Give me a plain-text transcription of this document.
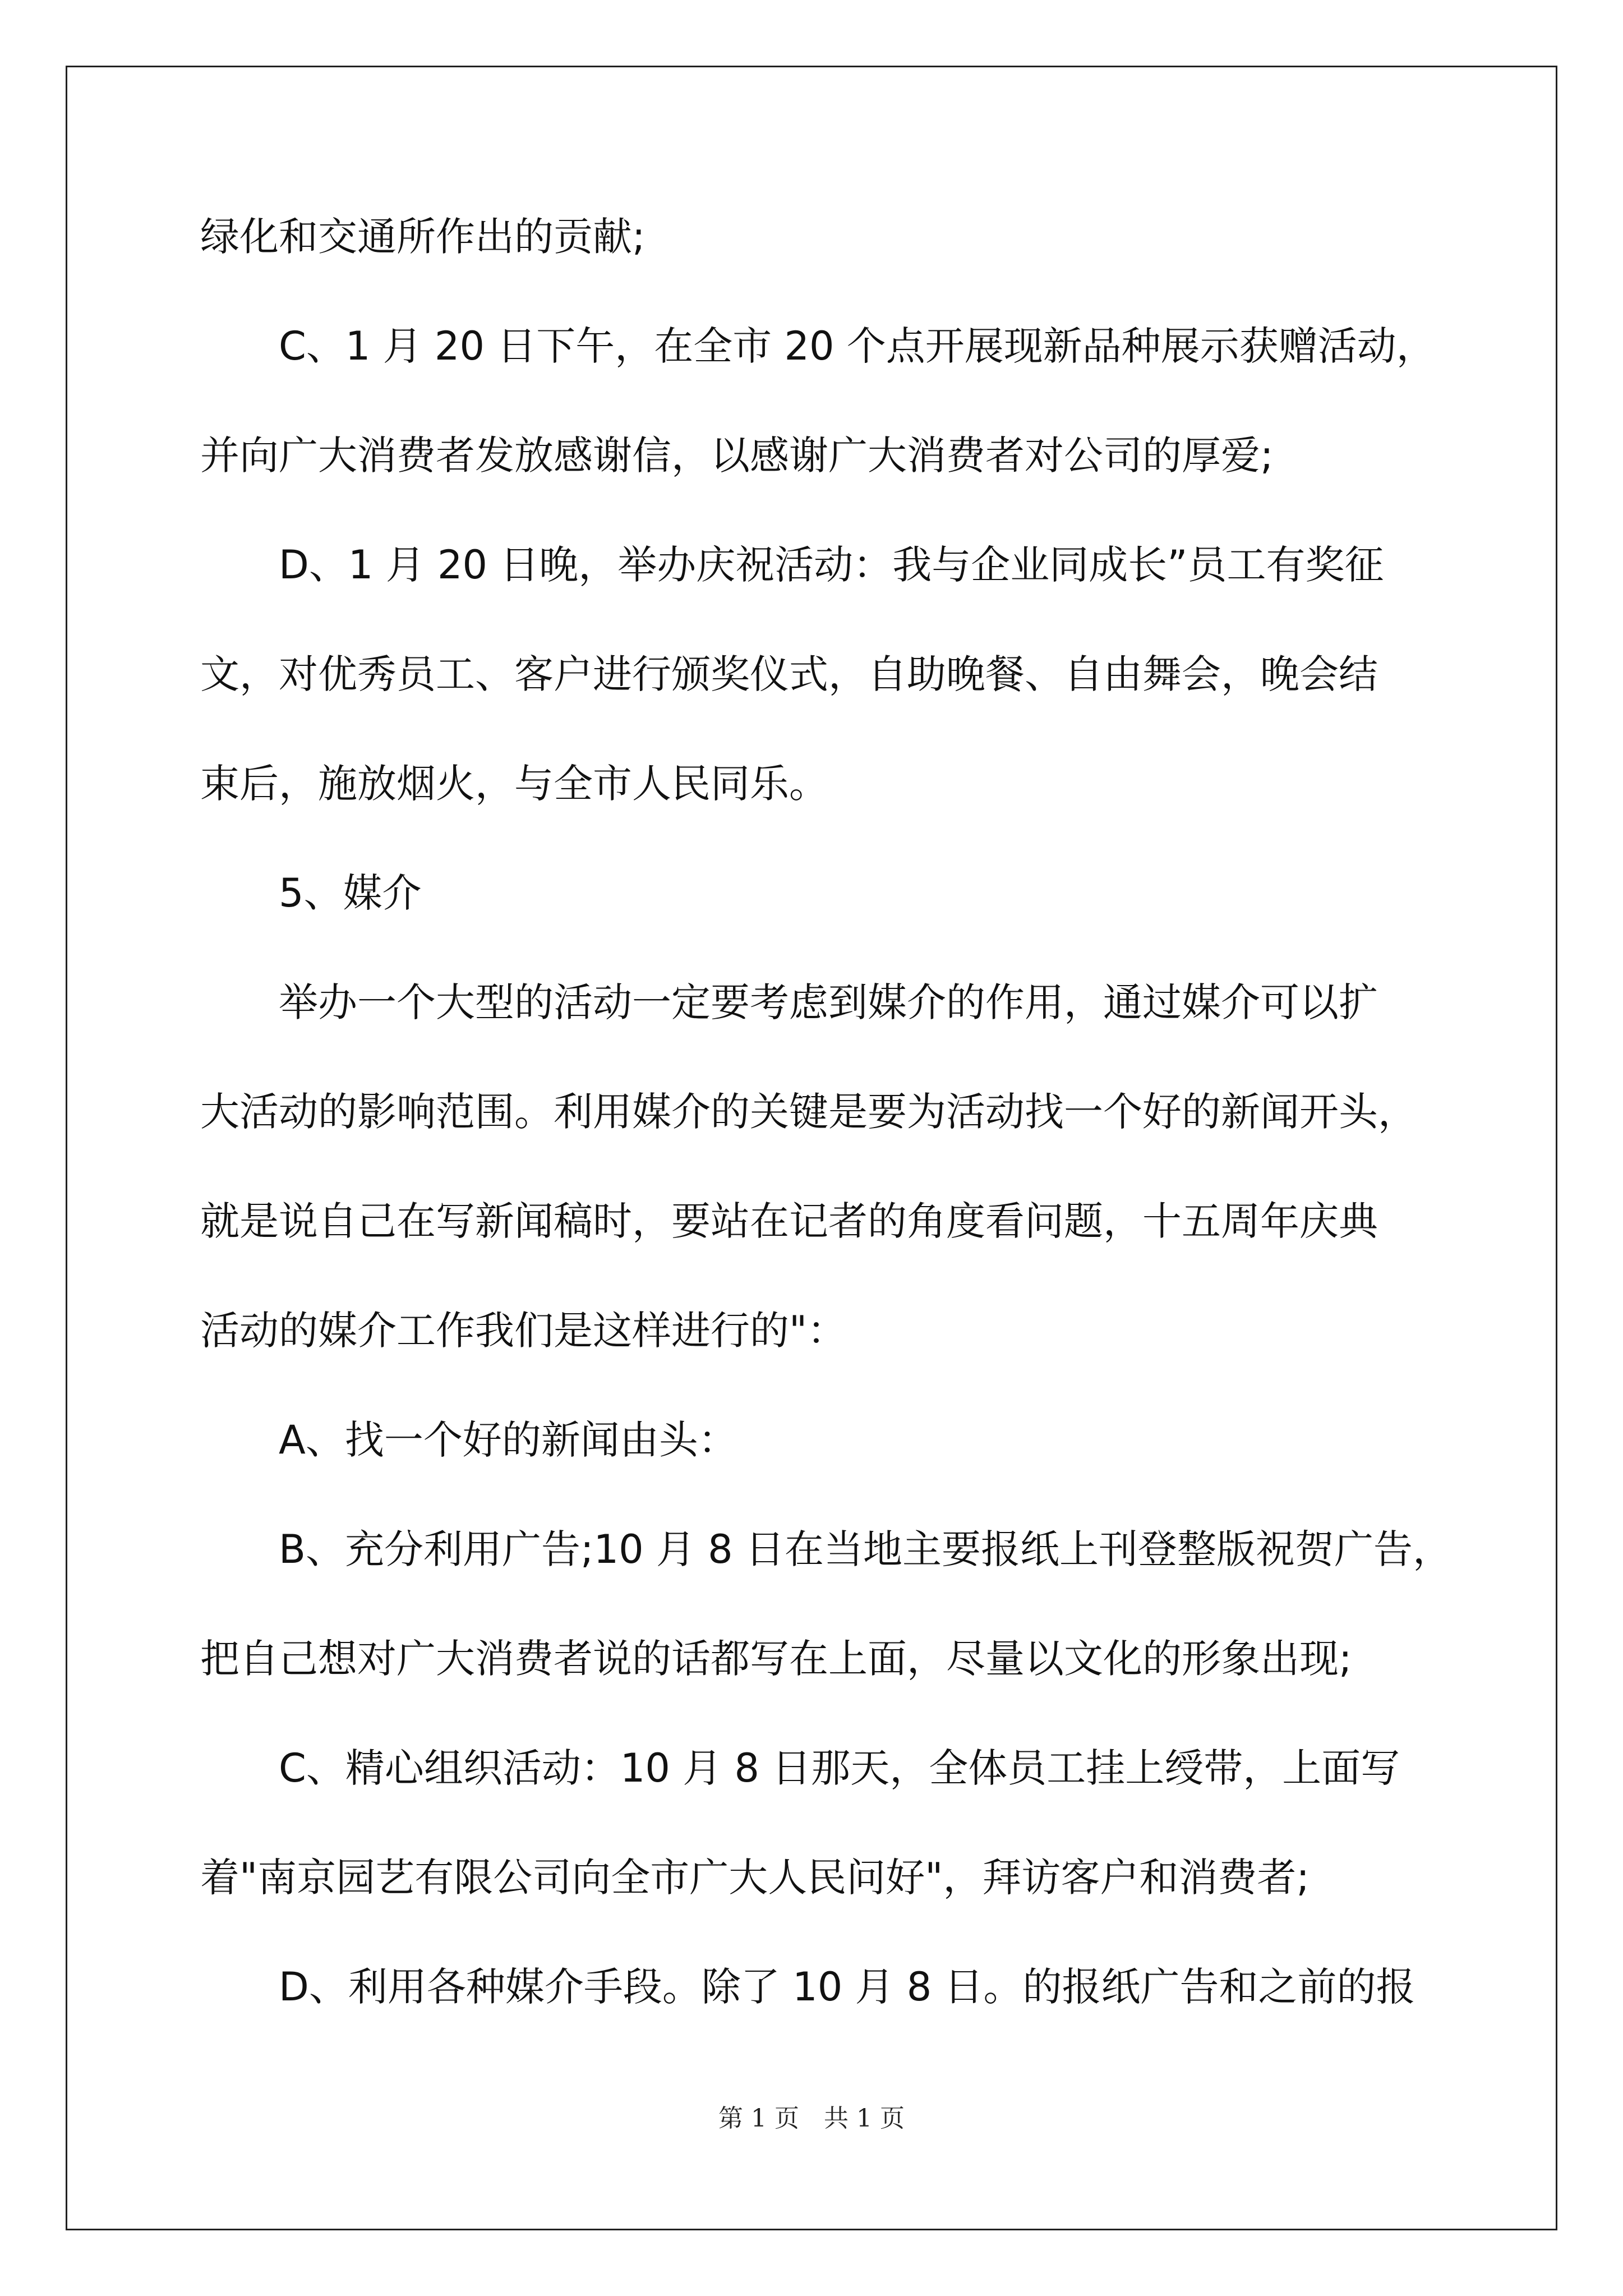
绿化和交通所作出的贡献;
C、1 月 20 日下午，在全市 20 个点开展现新品种展示获赠活动，
并向广大消费者发放感谢信，以感谢广大消费者对公司的厚爱;
D、1 月 20 日晚，举办庆祝活动：我与企业同成长”员工有奖征
文，对优秀员工、客户进行颁奖仪式，自助晚餐、自由舞会，晚会结
束后，施放烟火，与全市人民同乐。
5、媒介
举办一个大型的活动一定要考虑到媒介的作用，通过媒介可以扩
大活动的影响范围。利用媒介的关键是要为活动找一个好的新闻开头，
就是说自己在写新闻稿时，要站在记者的角度看问题，十五周年庆典
活动的媒介工作我们是这样进行的"：
A、找一个好的新闻由头：
B、充分利用广告;10 月 8 日在当地主要报纸上刊登整版祝贺广告，
把自己想对广大消费者说的话都写在上面，尽量以文化的形象出现;
C、精心组织活动：10 月 8 日那天，全体员工挂上绶带，上面写
着"南京园艺有限公司向全市广大人民问好"，拜访客户和消费者;
D、利用各种媒介手段。除了 10 月 8 日。的报纸广告和之前的报
第 1 页　共 1 页
